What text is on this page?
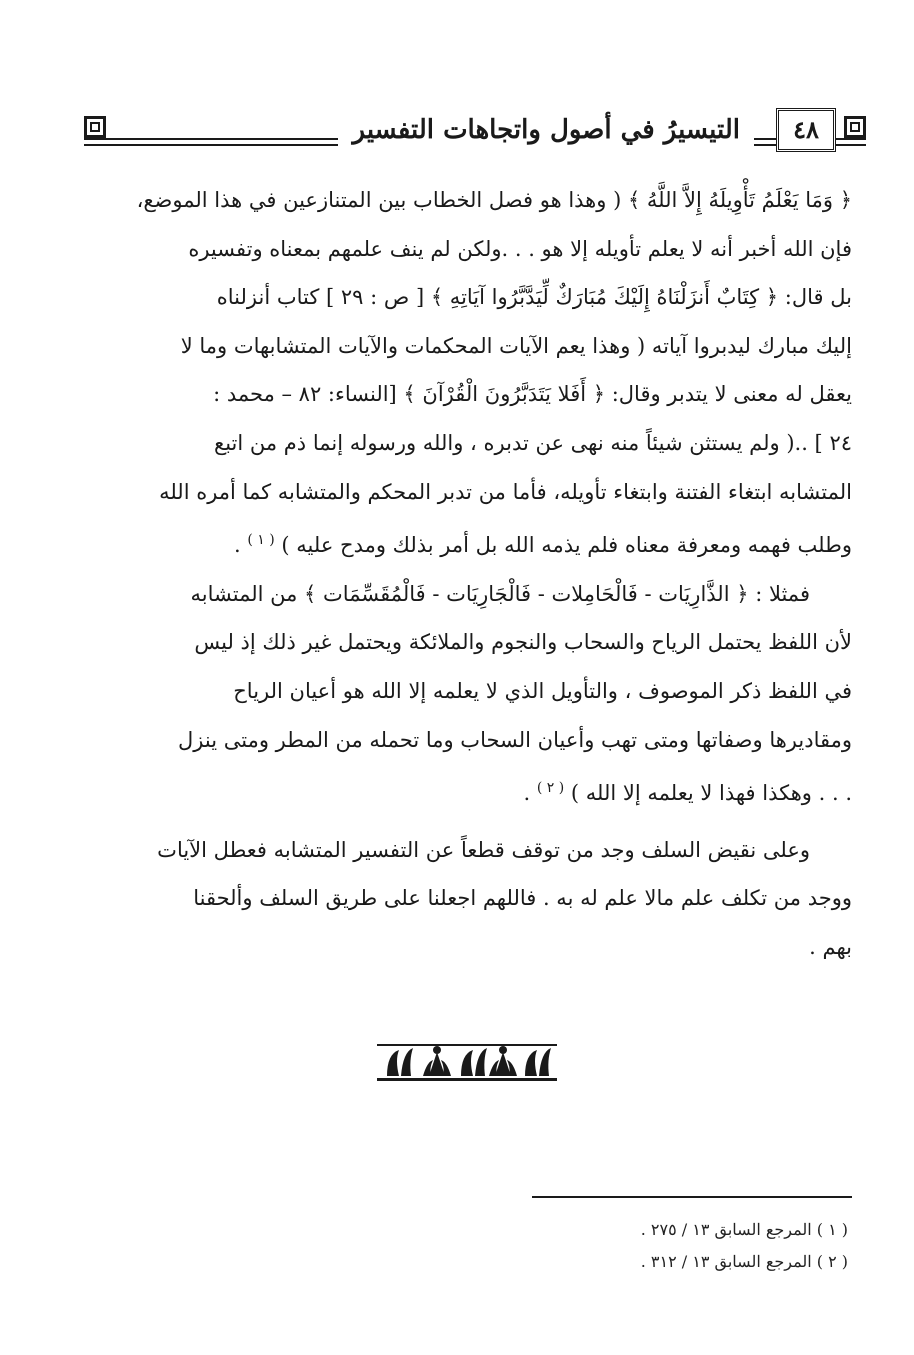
٤٨
التيسيرُ في أصول واتجاهات التفسير
﴿ وَمَا يَعْلَمُ تَأْوِيلَهُ إِلاَّ اللَّهُ ﴾ ( وهذا هو فصل الخطاب بين المتنازعين في هذا الموضع،
فإن الله أخبر أنه لا يعلم تأويله إلا هو . . .ولكن لم ينف علمهم بمعناه وتفسيره
بل قال: ﴿ كِتَابٌ أَنزَلْنَاهُ إِلَيْكَ مُبَارَكٌ لِّيَدَّبَّرُوا آيَاتِهِ ﴾ [ ص : ٢٩ ] كتاب أنزلناه
إليك مبارك ليدبروا آياته ( وهذا يعم الآيات المحكمات والآيات المتشابهات وما لا
يعقل له معنى لا يتدبر وقال: ﴿ أَفَلا يَتَدَبَّرُونَ الْقُرْآنَ ﴾ [النساء: ٨٢ – محمد :
٢٤ ] ..( ولم يستثن شيئاً منه نهى عن تدبره ، والله ورسوله إنما ذم من اتبع
المتشابه ابتغاء الفتنة وابتغاء تأويله، فأما من تدبر المحكم والمتشابه كما أمره الله
وطلب فهمه ومعرفة معناه فلم يذمه الله بل أمر بذلك ومدح عليه ) $^{( ١ )}$ .
فمثلا : ﴿ الذَّارِيَات - فَالْحَامِلات - فَالْجَارِيَات - فَالْمُقَسِّمَات ﴾ من المتشابه
لأن اللفظ يحتمل الرياح والسحاب والنجوم والملائكة ويحتمل غير ذلك إذ ليس
في اللفظ ذكر الموصوف ، والتأويل الذي لا يعلمه إلا الله هو أعيان الرياح
ومقاديرها وصفاتها ومتى تهب وأعيان السحاب وما تحمله من المطر ومتى ينزل
. . . وهكذا فهذا لا يعلمه إلا الله ) $^{( ٢ )}$ .
وعلى نقيض السلف وجد من توقف قطعاً عن التفسير المتشابه فعطل الآيات
ووجد من تكلف علم مالا علم له به . فاللهم اجعلنا على طريق السلف وألحقنا
بهم .
( ١ ) المرجع السابق ١٣ / ٢٧٥ .
( ٢ ) المرجع السابق ١٣ / ٣١٢ .
